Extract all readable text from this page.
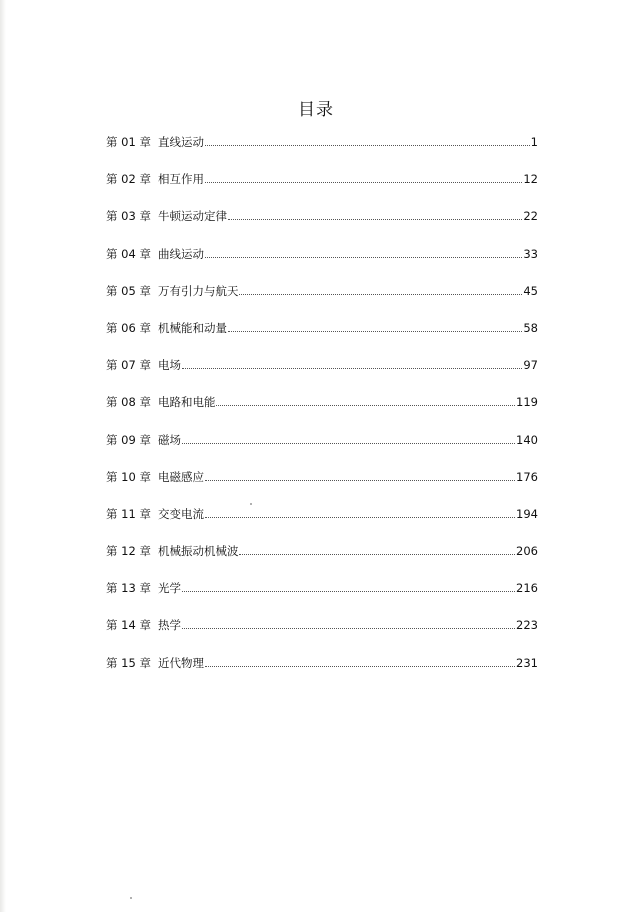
目录
第 01 章 直线运动	1
第 02 章 相互作用	12
第 03 章 牛顿运动定律	22
第 04 章 曲线运动	33
第 05 章 万有引力与航天	45
第 06 章 机械能和动量	58
第 07 章 电场	97
第 08 章 电路和电能	119
第 09 章 磁场	140
第 10 章 电磁感应	176
第 11 章 交变电流	194
第 12 章 机械振动机械波	206
第 13 章 光学	216
第 14 章 热学	223
第 15 章 近代物理	231
